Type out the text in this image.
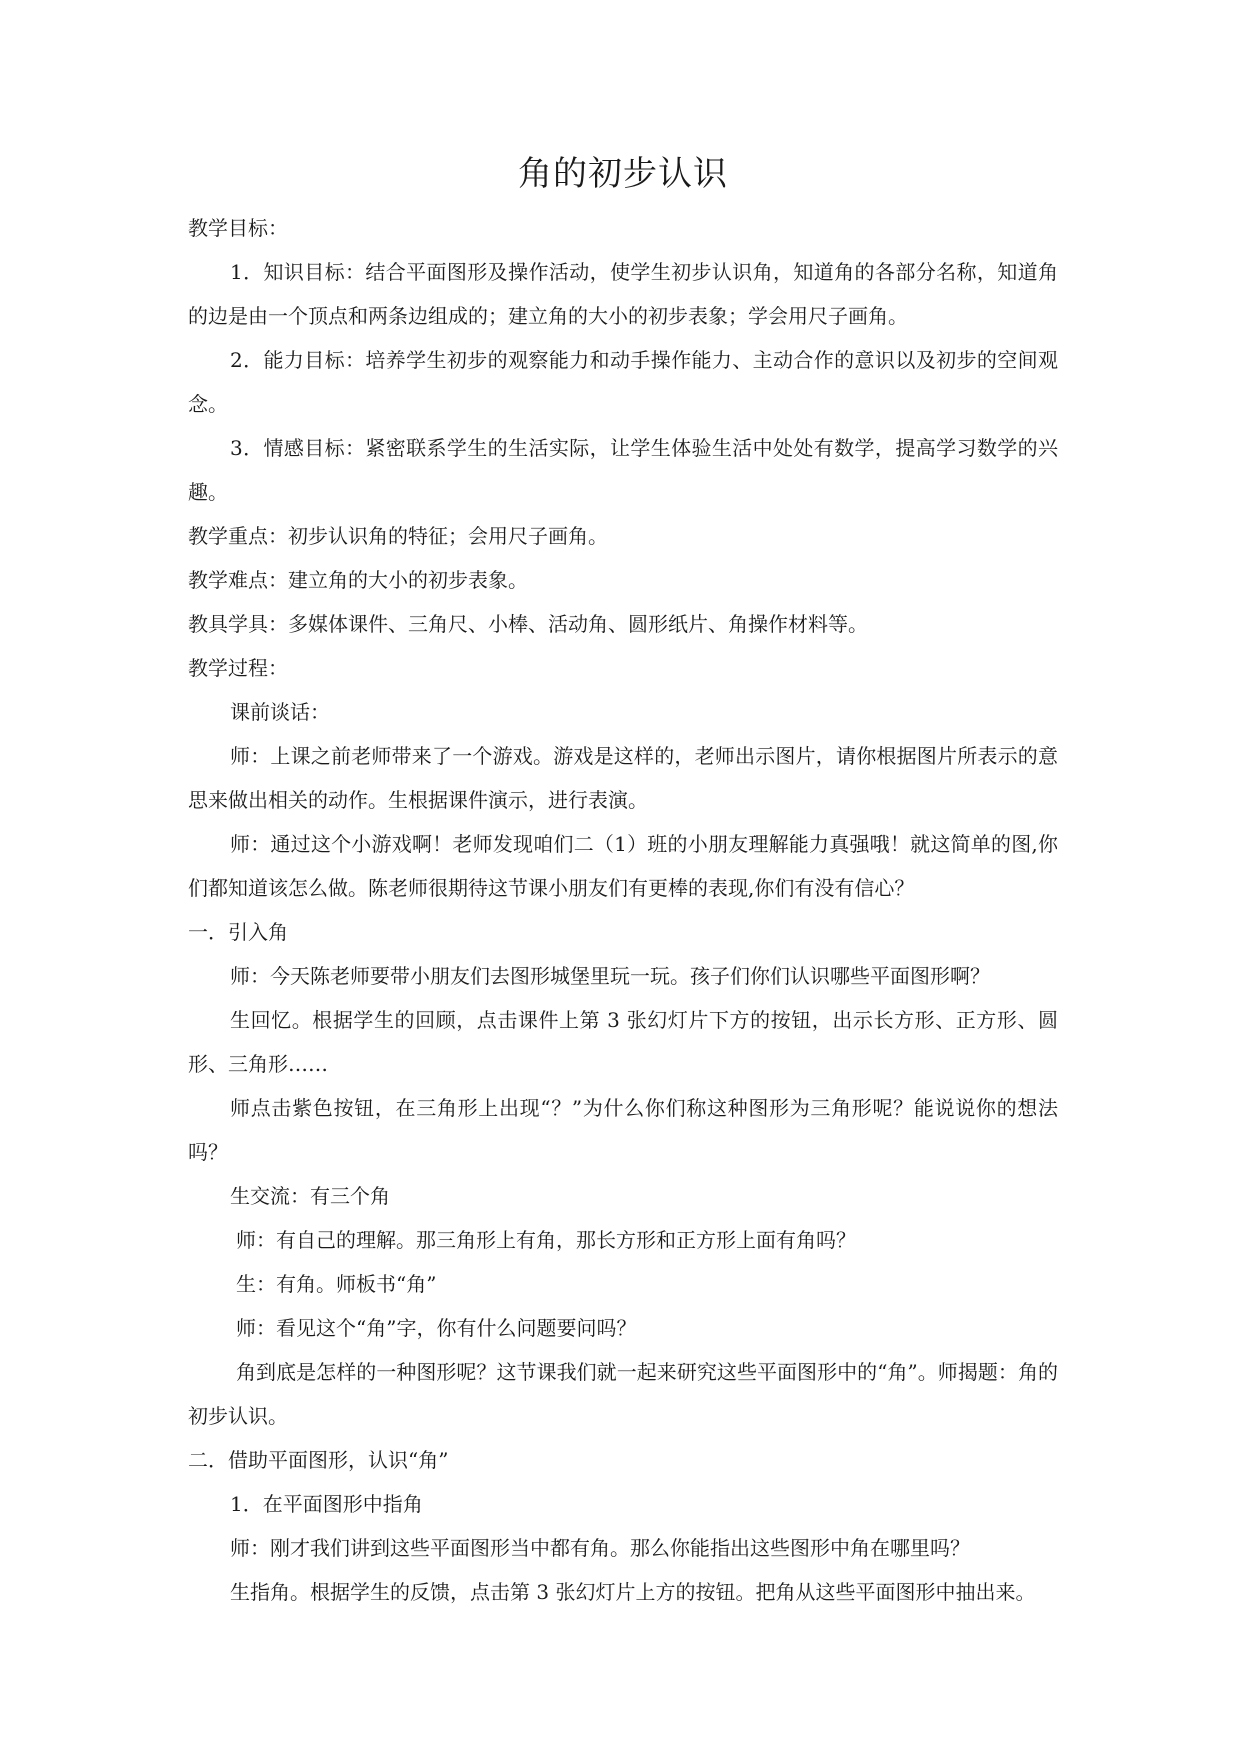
角的初步认识

教学目标：

1．知识目标：结合平面图形及操作活动，使学生初步认识角，知道角的各部分名称，知道角的边是由一个顶点和两条边组成的；建立角的大小的初步表象；学会用尺子画角。

2．能力目标：培养学生初步的观察能力和动手操作能力、主动合作的意识以及初步的空间观念。

3．情感目标：紧密联系学生的生活实际，让学生体验生活中处处有数学，提高学习数学的兴趣。

教学重点：初步认识角的特征；会用尺子画角。

教学难点：建立角的大小的初步表象。

教具学具：多媒体课件、三角尺、小棒、活动角、圆形纸片、角操作材料等。

教学过程：

课前谈话：

师：上课之前老师带来了一个游戏。游戏是这样的，老师出示图片，请你根据图片所表示的意思来做出相关的动作。生根据课件演示，进行表演。

师：通过这个小游戏啊！老师发现咱们二（1）班的小朋友理解能力真强哦！就这简单的图,你们都知道该怎么做。陈老师很期待这节课小朋友们有更棒的表现,你们有没有信心？

一．引入角

师：今天陈老师要带小朋友们去图形城堡里玩一玩。孩子们你们认识哪些平面图形啊？

生回忆。根据学生的回顾，点击课件上第 3 张幻灯片下方的按钮，出示长方形、正方形、圆形、三角形……

师点击紫色按钮，在三角形上出现“？”为什么你们称这种图形为三角形呢？能说说你的想法吗？

生交流：有三个角

师：有自己的理解。那三角形上有角，那长方形和正方形上面有角吗？

生：有角。师板书“角”

师：看见这个“角”字，你有什么问题要问吗？

角到底是怎样的一种图形呢？这节课我们就一起来研究这些平面图形中的“角”。师揭题：角的初步认识。

二．借助平面图形，认识“角”

1．在平面图形中指角

师：刚才我们讲到这些平面图形当中都有角。那么你能指出这些图形中角在哪里吗？

生指角。根据学生的反馈，点击第 3 张幻灯片上方的按钮。把角从这些平面图形中抽出来。
